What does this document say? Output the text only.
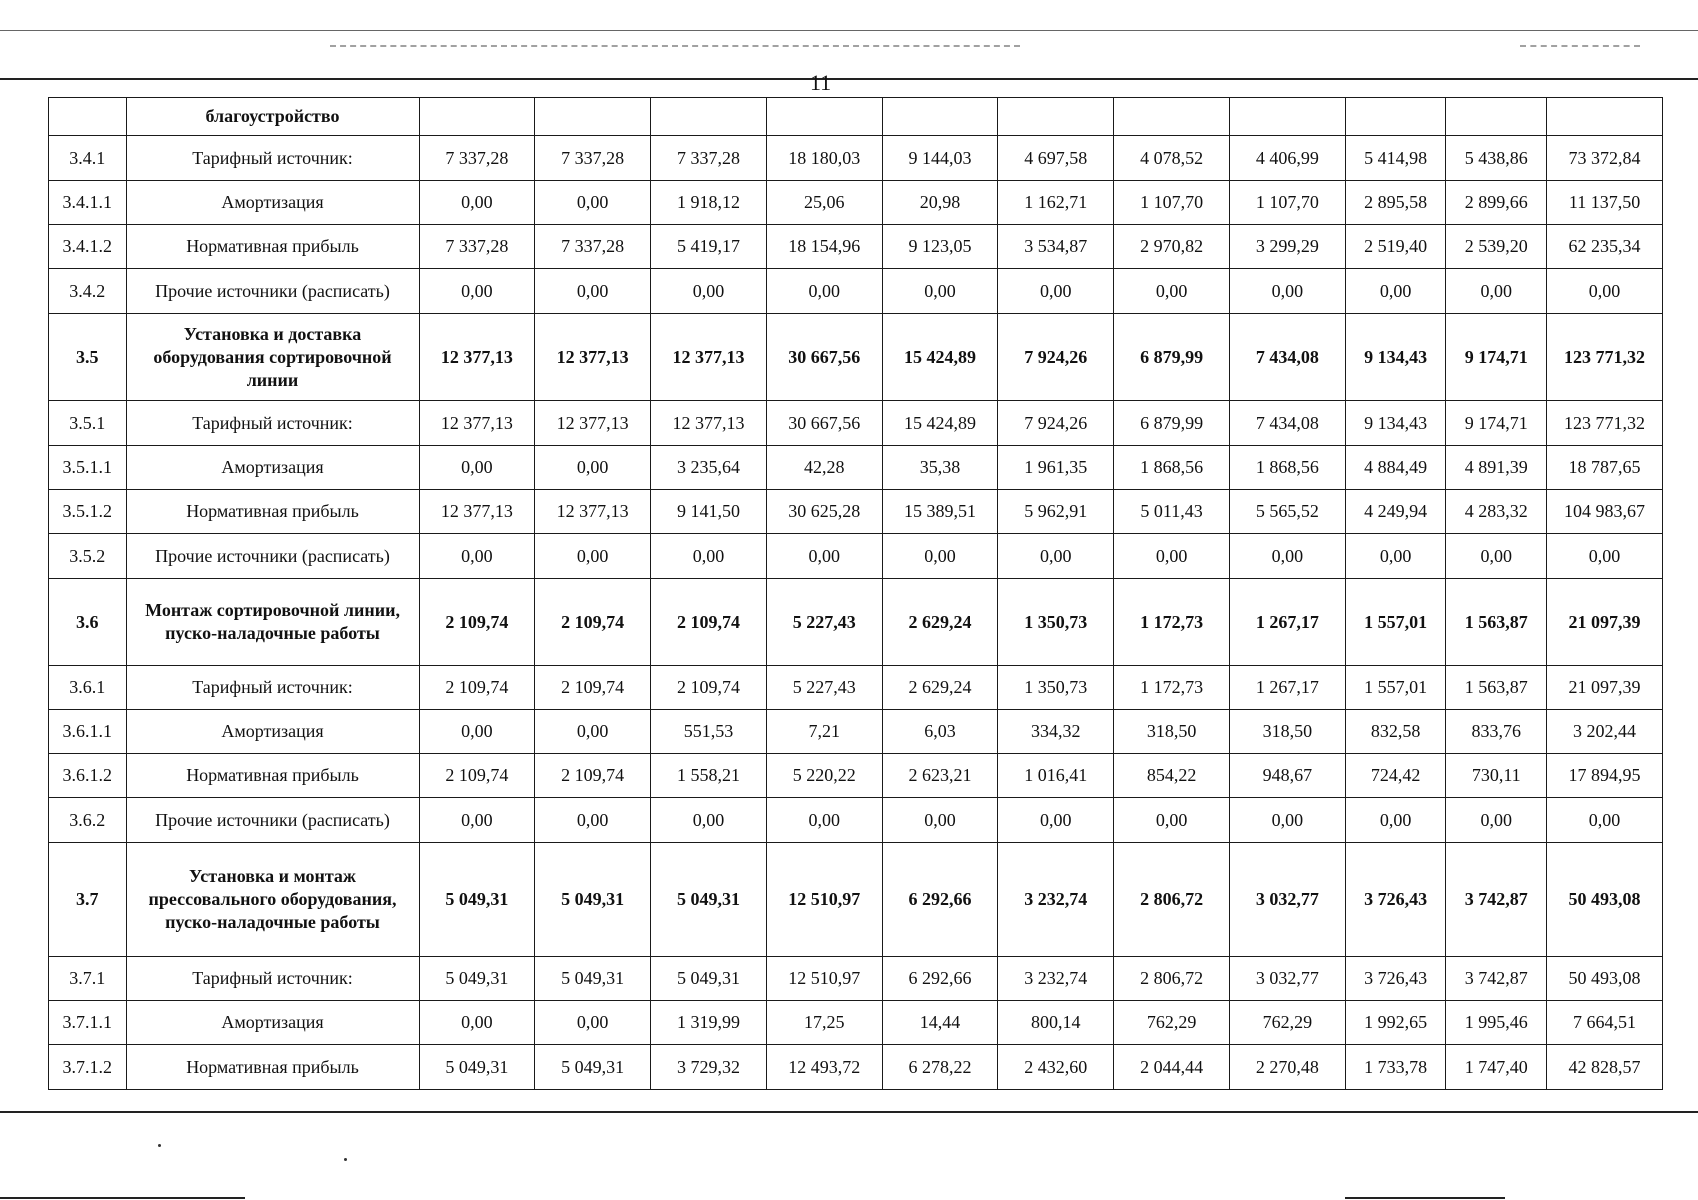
11
	благоустройство											
3.4.1	Тарифный источник:	7 337,28	7 337,28	7 337,28	18 180,03	9 144,03	4 697,58	4 078,52	4 406,99	5 414,98	5 438,86	73 372,84
3.4.1.1	Амортизация	0,00	0,00	1 918,12	25,06	20,98	1 162,71	1 107,70	1 107,70	2 895,58	2 899,66	11 137,50
3.4.1.2	Нормативная прибыль	7 337,28	7 337,28	5 419,17	18 154,96	9 123,05	3 534,87	2 970,82	3 299,29	2 519,40	2 539,20	62 235,34
3.4.2	Прочие источники (расписать)	0,00	0,00	0,00	0,00	0,00	0,00	0,00	0,00	0,00	0,00	0,00
3.5	Установка и доставка оборудования сортировочной линии	12 377,13	12 377,13	12 377,13	30 667,56	15 424,89	7 924,26	6 879,99	7 434,08	9 134,43	9 174,71	123 771,32
3.5.1	Тарифный источник:	12 377,13	12 377,13	12 377,13	30 667,56	15 424,89	7 924,26	6 879,99	7 434,08	9 134,43	9 174,71	123 771,32
3.5.1.1	Амортизация	0,00	0,00	3 235,64	42,28	35,38	1 961,35	1 868,56	1 868,56	4 884,49	4 891,39	18 787,65
3.5.1.2	Нормативная прибыль	12 377,13	12 377,13	9 141,50	30 625,28	15 389,51	5 962,91	5 011,43	5 565,52	4 249,94	4 283,32	104 983,67
3.5.2	Прочие источники (расписать)	0,00	0,00	0,00	0,00	0,00	0,00	0,00	0,00	0,00	0,00	0,00
3.6	Монтаж сортировочной линии, пуско-наладочные работы	2 109,74	2 109,74	2 109,74	5 227,43	2 629,24	1 350,73	1 172,73	1 267,17	1 557,01	1 563,87	21 097,39
3.6.1	Тарифный источник:	2 109,74	2 109,74	2 109,74	5 227,43	2 629,24	1 350,73	1 172,73	1 267,17	1 557,01	1 563,87	21 097,39
3.6.1.1	Амортизация	0,00	0,00	551,53	7,21	6,03	334,32	318,50	318,50	832,58	833,76	3 202,44
3.6.1.2	Нормативная прибыль	2 109,74	2 109,74	1 558,21	5 220,22	2 623,21	1 016,41	854,22	948,67	724,42	730,11	17 894,95
3.6.2	Прочие источники (расписать)	0,00	0,00	0,00	0,00	0,00	0,00	0,00	0,00	0,00	0,00	0,00
3.7	Установка и монтаж прессовального оборудования, пуско-наладочные работы	5 049,31	5 049,31	5 049,31	12 510,97	6 292,66	3 232,74	2 806,72	3 032,77	3 726,43	3 742,87	50 493,08
3.7.1	Тарифный источник:	5 049,31	5 049,31	5 049,31	12 510,97	6 292,66	3 232,74	2 806,72	3 032,77	3 726,43	3 742,87	50 493,08
3.7.1.1	Амортизация	0,00	0,00	1 319,99	17,25	14,44	800,14	762,29	762,29	1 992,65	1 995,46	7 664,51
3.7.1.2	Нормативная прибыль	5 049,31	5 049,31	3 729,32	12 493,72	6 278,22	2 432,60	2 044,44	2 270,48	1 733,78	1 747,40	42 828,57
